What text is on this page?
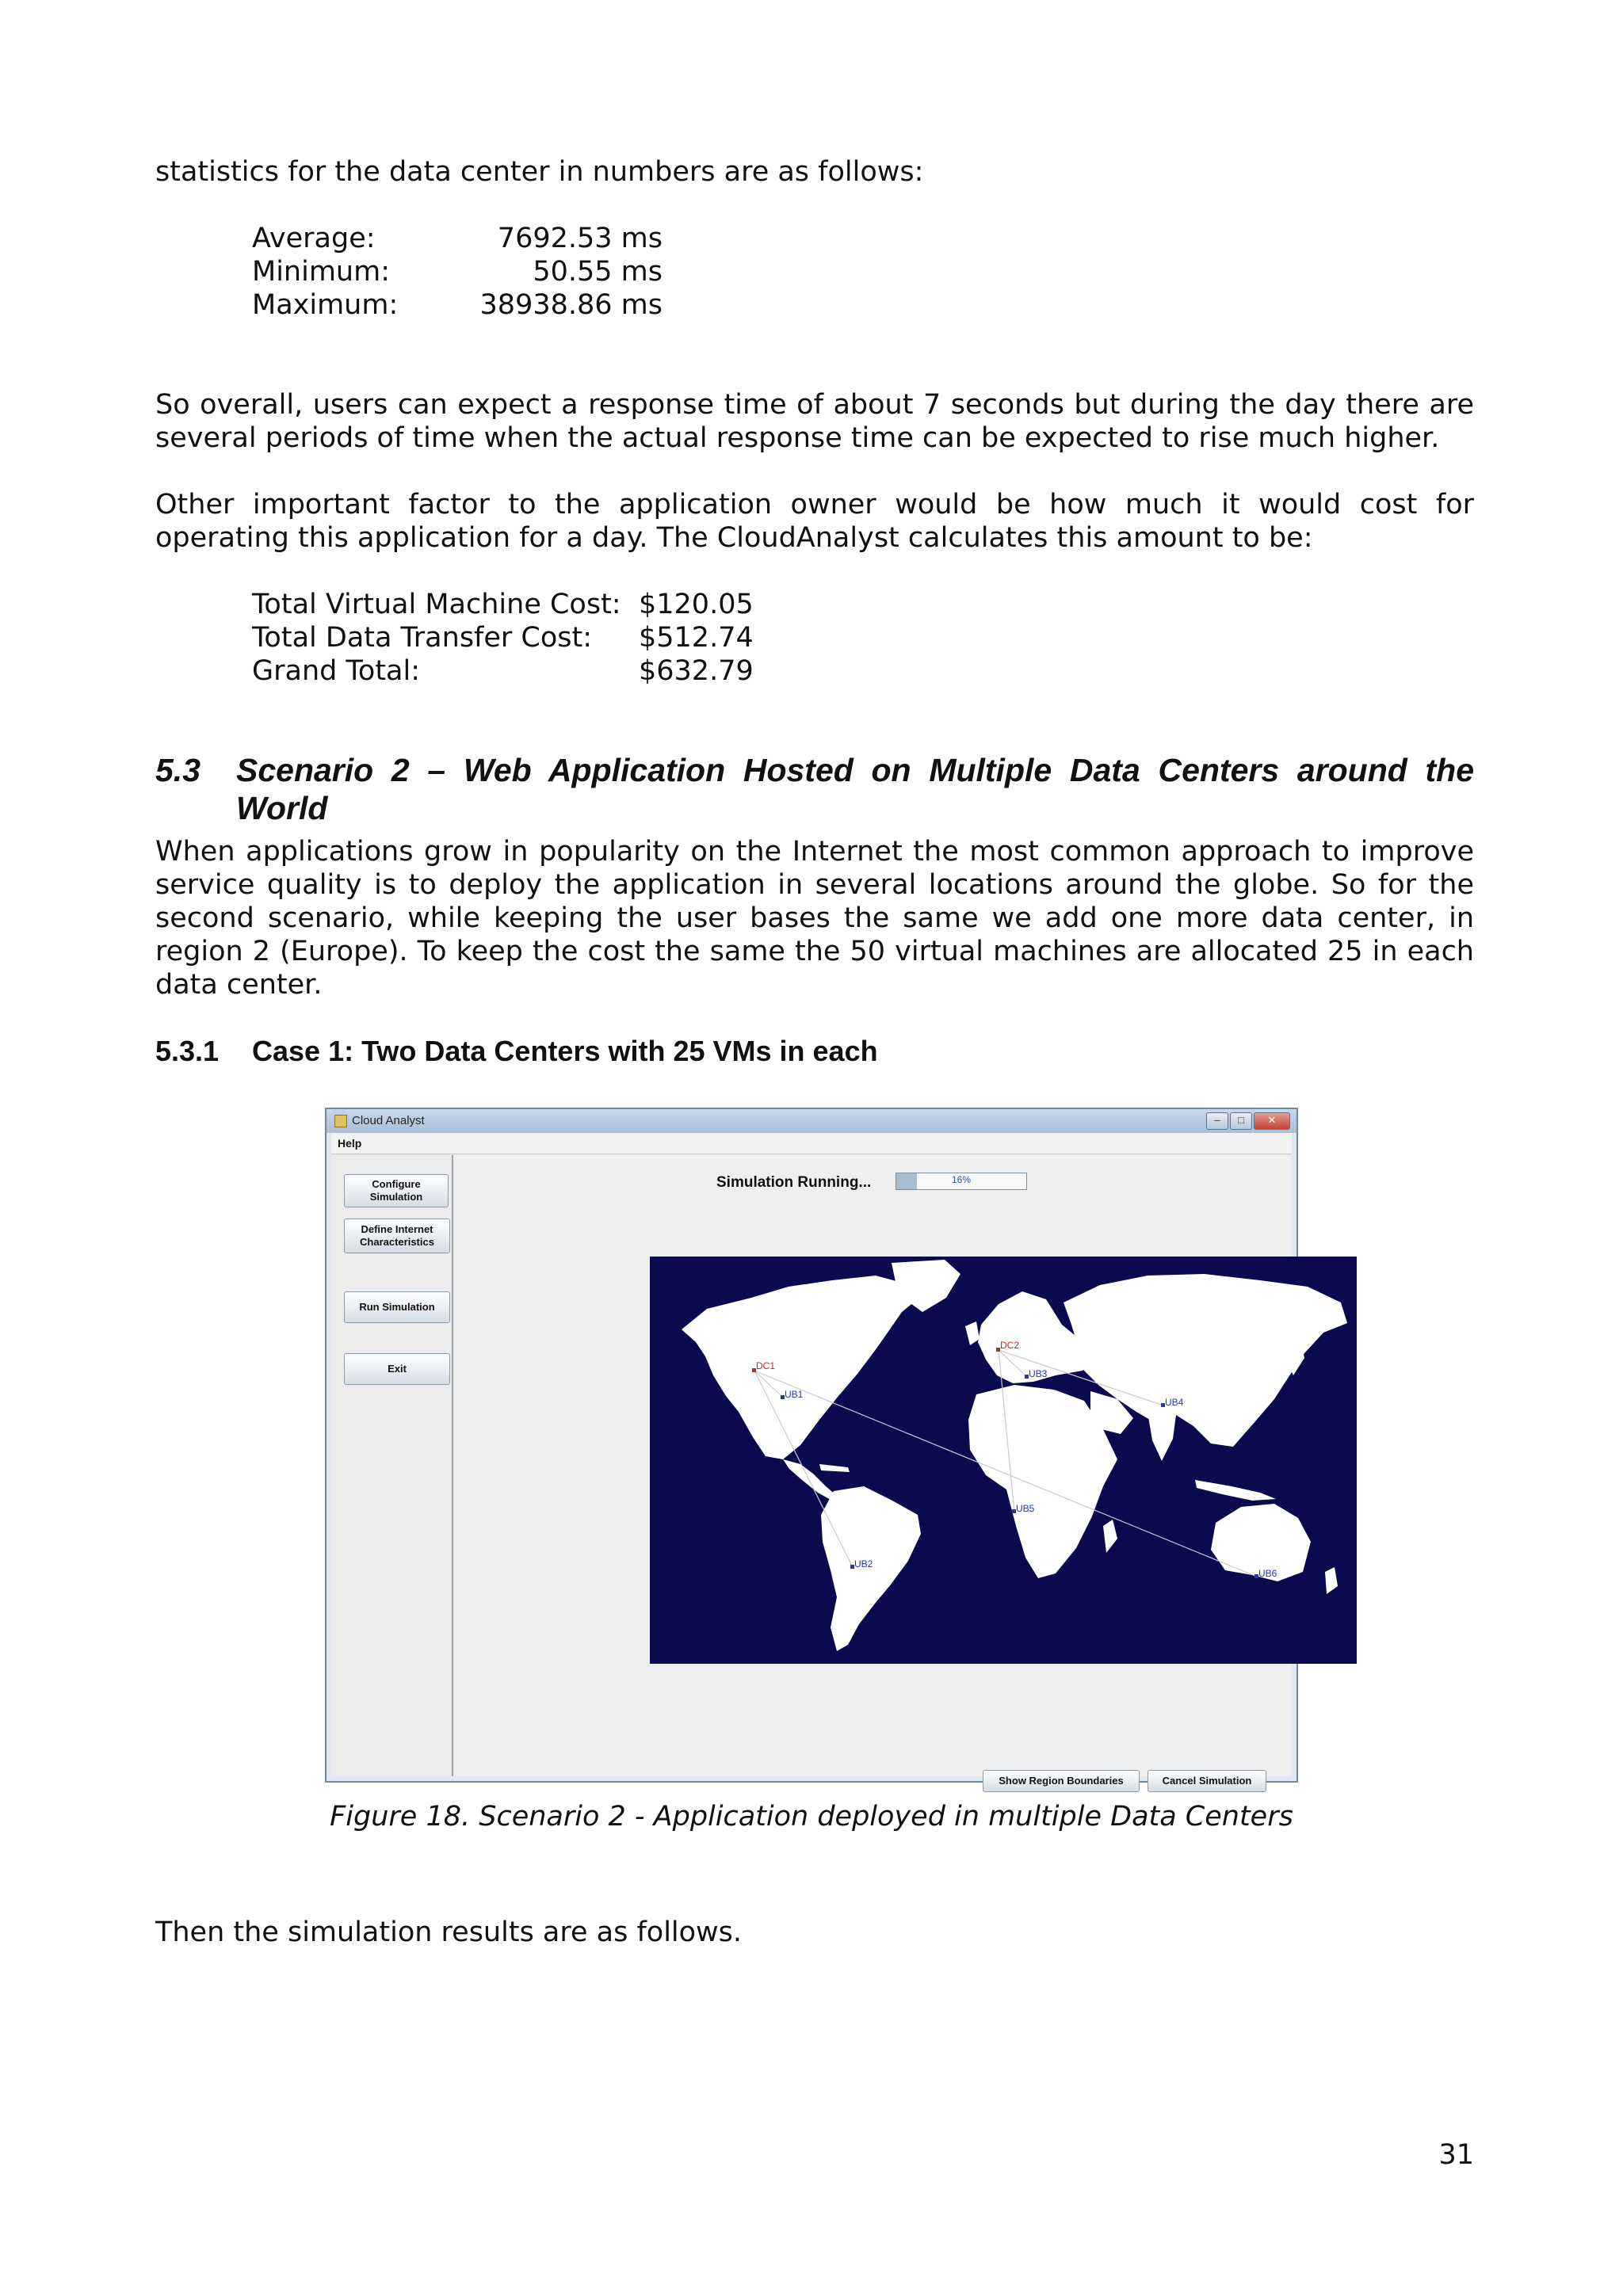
statistics for the data center in numbers are as follows:
Average:	7692.53 ms
Minimum:	50.55 ms
Maximum:	38938.86 ms
So overall, users can expect a response time of about 7 seconds but during the day there are several periods of time when the actual response time can be expected to rise much higher.
Other important factor to the application owner would be how much it would cost for operating this application for a day. The CloudAnalyst calculates this amount to be:
Total Virtual Machine Cost: $120.05
Total Data Transfer Cost: $512.74
Grand Total:	$632.79
5.3 Scenario 2 – Web Application Hosted on Multiple Data Centers around the World
When applications grow in popularity on the Internet the most common approach to improve service quality is to deploy the application in several locations around the globe. So for the second scenario, while keeping the user bases the same we add one more data center, in region 2 (Europe). To keep the cost the same the 50 virtual machines are allocated 25 in each data center.
5.3.1 Case 1: Two Data Centers with 25 VMs in each
Cloud Analyst	–	□	✕
Help
Configure Simulation
Define Internet Characteristics
Run Simulation
Exit
Simulation Running...	16%
DC1
DC2
UB1
UB2
UB3
UB4
UB5
UB6
Show Region Boundaries	Cancel Simulation
Figure 18. Scenario 2 - Application deployed in multiple Data Centers
Then the simulation results are as follows.
31
